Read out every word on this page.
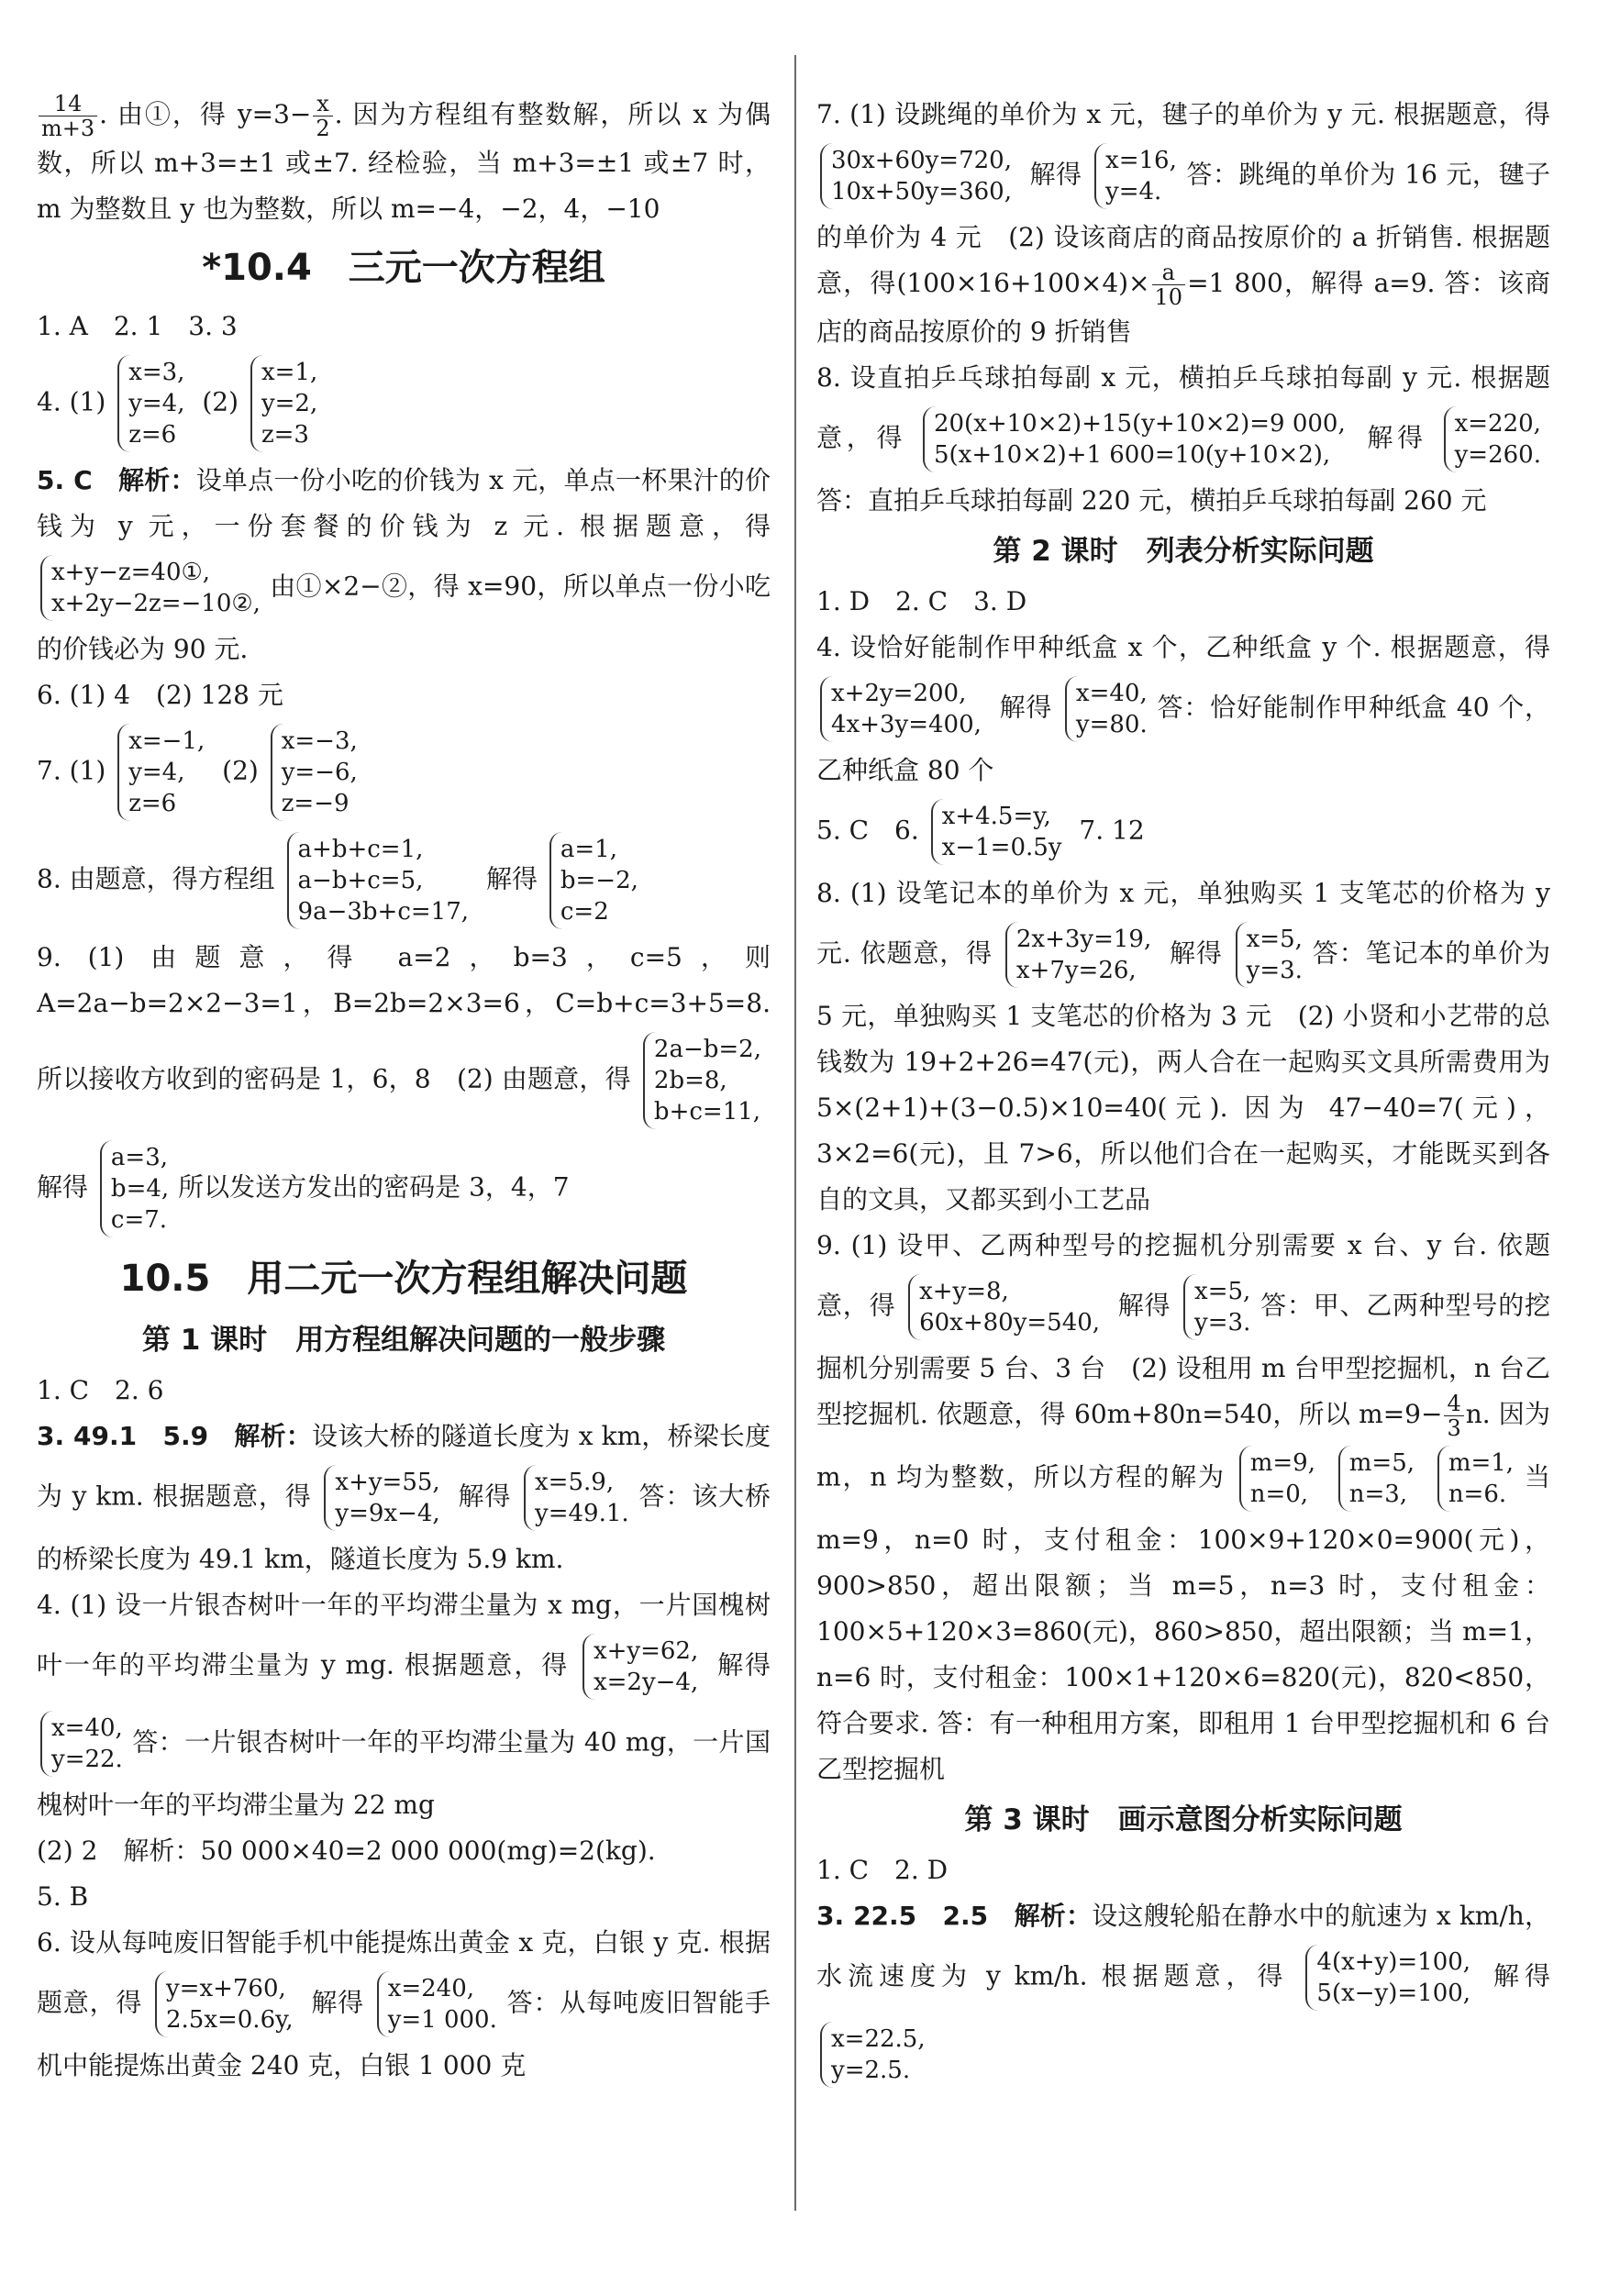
$\frac{14}{m+3}$ . 由①，得 $y=3- \frac{x}{2}$ . 因为方程组有整数解，所以 x 为偶数，所以 m+3=±1 或±7. 经检验，当 m+3=±1 或±7 时，m 为整数且 y 也为整数，所以 m=−4，−2，4，−10

*10.4　三元一次方程组

1. A　2. 1　3. 3

4. (1)
x=3,
y=4,
z=6
(2)
x=1,
y=2,
z=3

5. C　解析：设单点一份小吃的价钱为 x 元，单点一杯果汁的价钱为 y 元，一份套餐的价钱为 z 元. 根据题意，得
x+y−z=40①,
x+2y−2z=−10②,
由①×2−②，得 x=90，所以单点一份小吃的价钱必为 90 元.

6. (1) 4　(2) 128 元

7. (1)
x=−1,
y=4,
z=6
(2)
x=−3,
y=−6,
z=−9

8. 由题意，得方程组
a+b+c=1,
a−b+c=5,
9a−3b+c=17,
解得
a=1,
b=−2,
c=2

9. (1) 由题意，得 a=2，b=3，c=5，则 A=2a−b=2×2−3=1，B=2b=2×3=6，C=b+c=3+5=8. 所以接收方收到的密码是 1，6，8　(2) 由题意，得
2a−b=2,
2b=8,
b+c=11,
解得
a=3,
b=4,
c=7.
所以发送方发出的密码是 3，4，7

10.5　用二元一次方程组解决问题
第 1 课时　用方程组解决问题的一般步骤

1. C　2. 6

3. 49.1　5.9　解析：设该大桥的隧道长度为 x km，桥梁长度为 y km. 根据题意，得 x+y=55,
y=9x−4,
解得 x=5.9,
y=49.1.
答：该大桥的桥梁长度为 49.1 km，隧道长度为 5.9 km.

4. (1) 设一片银杏树叶一年的平均滞尘量为 x mg，一片国槐树叶一年的平均滞尘量为 y mg. 根据题意，得 x+y=62,
x=2y−4,
解得
x=40,
y=22.
答：一片银杏树叶一年的平均滞尘量为 40 mg，一片国槐树叶一年的平均滞尘量为 22 mg

(2) 2　解析：50 000×40=2 000 000(mg)=2(kg).

5. B

6. 设从每吨废旧智能手机中能提炼出黄金 x 克，白银 y 克. 根据题意，得 y=x+760,
2.5x=0.6y,
解得 x=240,
y=1 000.
答：从每吨废旧智能手机中能提炼出黄金 240 克，白银 1 000 克

7. (1) 设跳绳的单价为 x 元，毽子的单价为 y 元. 根据题意，得
30x+60y=720,
10x+50y=360,
解得 x=16,
y=4.
答：跳绳的单价为 16 元，毽子的单价为 4 元　(2) 设该商店的商品按原价的 a 折销售. 根据题意，得$(100\times 16+100\times 4)\times \frac{a}{10} =1$ 800，解得 a=9. 答：该商店的商品按原价的 9 折销售

8. 设直拍乒乓球拍每副 x 元，横拍乒乓球拍每副 y 元. 根据题意，得 20(x+10×2)+15(y+10×2)=9 000,
5(x+10×2)+1 600=10(y+10×2),
解得 x=220,
y=260.
答：直拍乒乓球拍每副 220 元，横拍乒乓球拍每副 260 元

第 2 课时　列表分析实际问题

1. D　2. C　3. D

4. 设恰好能制作甲种纸盒 x 个，乙种纸盒 y 个. 根据题意，得
x+2y=200,
4x+3y=400,
解得 x=40,
y=80.
答：恰好能制作甲种纸盒 40 个，乙种纸盒 80 个

5. C　6. x+4.5=y,
x−1=0.5y
7. 12

8. (1) 设笔记本的单价为 x 元，单独购买 1 支笔芯的价格为 y 元. 依题意，得 2x+3y=19,
x+7y=26,
解得 x=5,
y=3.
答：笔记本的单价为 5 元，单独购买 1 支笔芯的价格为 3 元　(2) 小贤和小艺带的总钱数为 19+2+26=47(元)，两人合在一起购买文具所需费用为 5×(2+1)+(3−0.5)×10=40(元). 因为 47−40=7(元)，3×2=6(元)，且 7>6，所以他们合在一起购买，才能既买到各自的文具，又都买到小工艺品

9. (1) 设甲、乙两种型号的挖掘机分别需要 x 台、y 台. 依题意，得 x+y=8,
60x+80y=540,
解得 x=5,
y=3.
答：甲、乙两种型号的挖掘机分别需要 5 台、3 台　(2) 设租用 m 台甲型挖掘机，n 台乙型挖掘机. 依题意，得 60m+80n=540，所以 $m=9- \frac{4}{3} n$. 因为 m，n 均为整数，所以方程的解为 m=9,
n=0,

m=5,
n=3,

m=1,
n=6.
当 m=9，n=0 时，支付租金：100×9+120×0=900(元)，900>850，超出限额；当 m=5，n=3 时，支付租金：100×5+120×3=860(元)，860>850，超出限额；当 m=1，n=6 时，支付租金：100×1+120×6=820(元)，820<850，符合要求. 答：有一种租用方案，即租用 1 台甲型挖掘机和 6 台乙型挖掘机

第 3 课时　画示意图分析实际问题

1. C　2. D

3. 22.5　2.5　解析：设这艘轮船在静水中的航速为 x km/h，水流速度为 y km/h. 根据题意，得 4(x+y)=100,
5(x−y)=100,
解得
x=22.5,
y=2.5.
